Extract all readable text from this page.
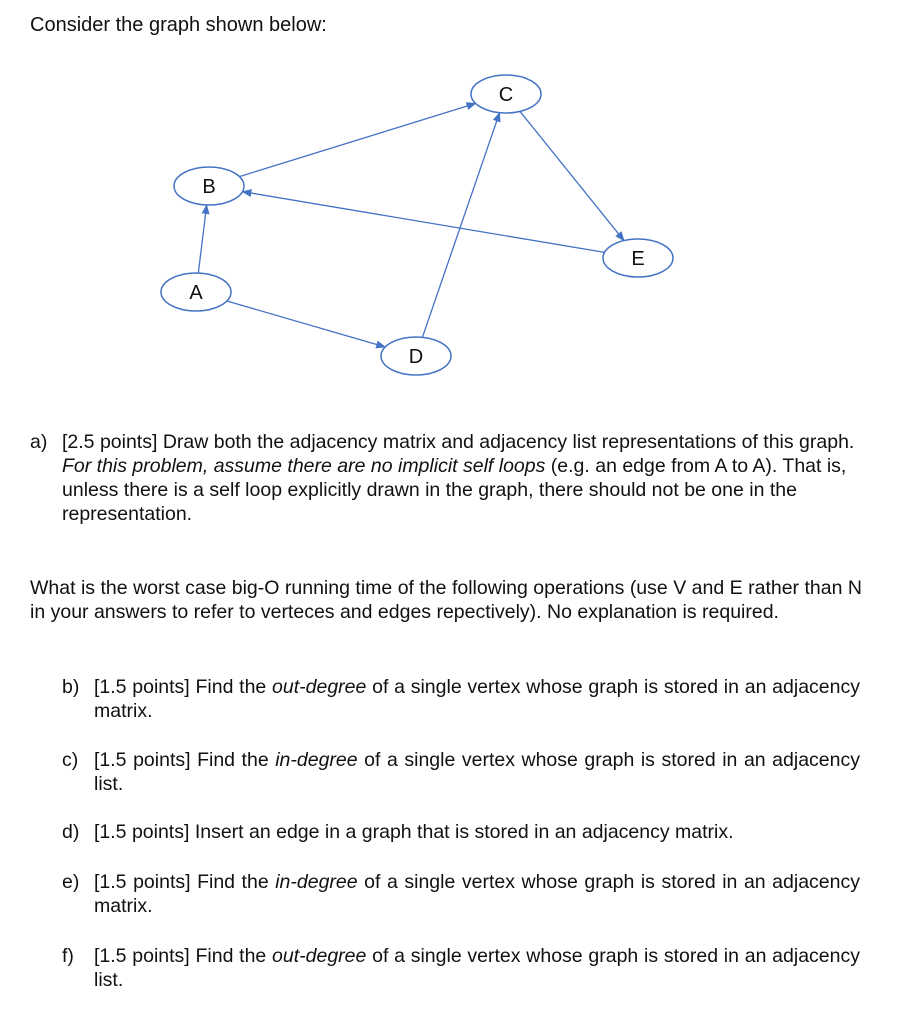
Consider the graph shown below:

A
B
C
D
E
a) [2.5 points] Draw both the adjacency matrix and adjacency list representations of this graph. For this problem, assume there are no implicit self loops (e.g. an edge from A to A). That is, unless there is a self loop explicitly drawn in the graph, there should not be one in the representation.

What is the worst case big-O running time of the following operations (use V and E rather than N in your answers to refer to verteces and edges repectively). No explanation is required.

b) [1.5 points] Find the out-degree of a single vertex whose graph is stored in an adjacency matrix.
c) [1.5 points] Find the in-degree of a single vertex whose graph is stored in an adjacency list.
d) [1.5 points] Insert an edge in a graph that is stored in an adjacency matrix.
e) [1.5 points] Find the in-degree of a single vertex whose graph is stored in an adjacency matrix.
f) [1.5 points] Find the out-degree of a single vertex whose graph is stored in an adjacency list.
